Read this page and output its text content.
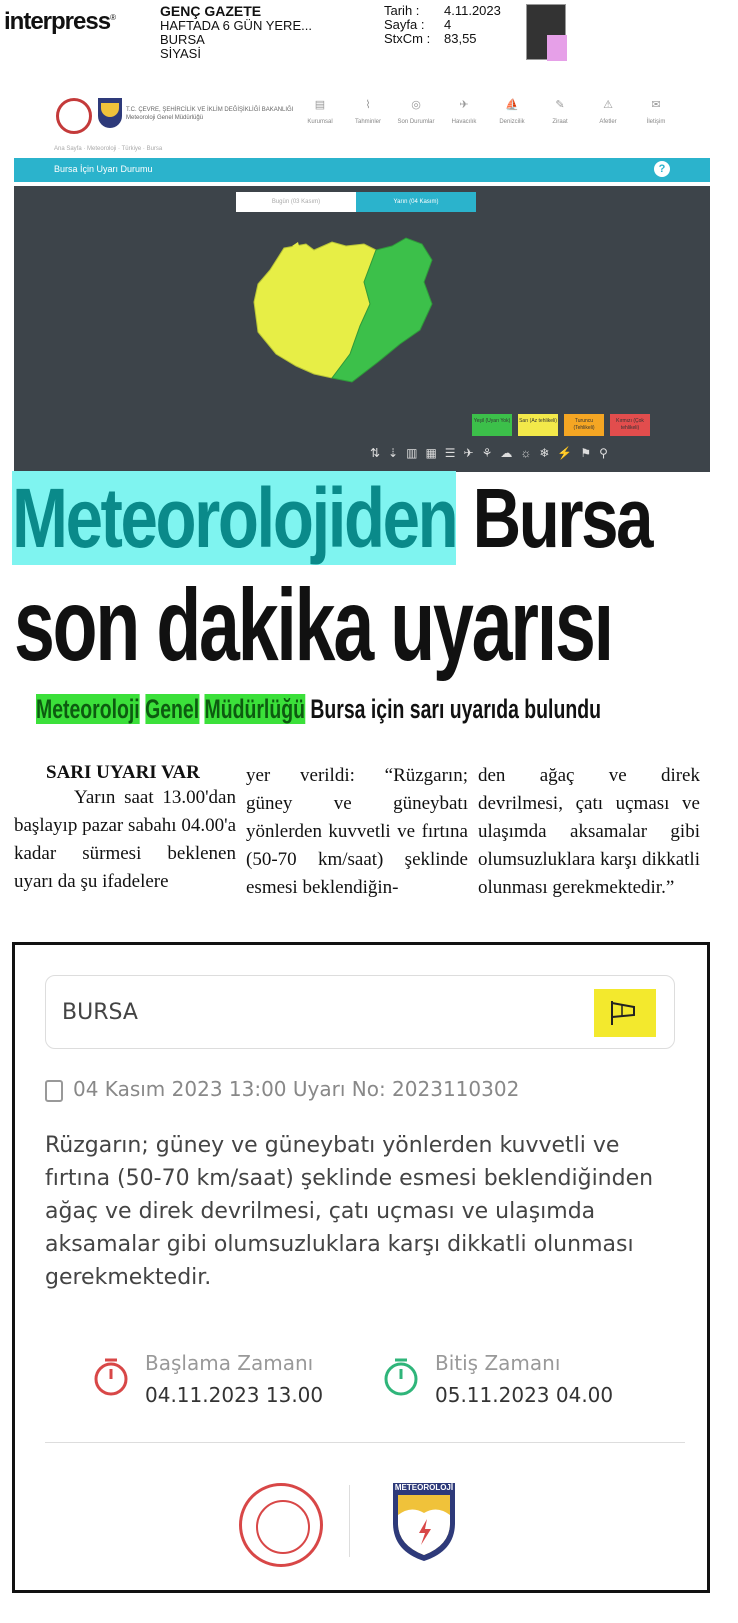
interpress®	GENÇ GAZETE
HAFTADA 6 GÜN YERE...
BURSA
SİYASİ
Tarih : 4.11.2023
Sayfa : 4
StxCm : 83,55
T.C. ÇEVRE, ŞEHİRCİLİK VE İKLİM DEĞİŞİKLİĞİ BAKANLIĞI
Meteoroloji Genel Müdürlüğü
▤
Kurumsal
⌇
Tahminler
◎
Son Durumlar
✈
Havacılık
⛵
Denizcilik
✎
Ziraat
⚠
Afetler
✉
İletişim
Ana Sayfa · Meteoroloji · Türkiye · Bursa
Bursa İçin Uyarı Durumu	?
Bugün (03 Kasım)	Yarın (04 Kasım)
Yeşil (Uyarı Yok)	Sarı (Az tehlikeli)	Turuncu (Tehlikeli)
Kırmızı (Çok tehlikeli)
⇅⇣▥▦☰✈⚘☁☼❄⚡⚑⚲
Meteorolojiden Bursa
son dakika uyarısı
Meteoroloji Genel Müdürlüğü Bursa için sarı uyarıda bulundu
SARI UYARI VAR
Yarın saat 13.00'dan başlayıp pazar sabahı 04.00'a kadar sürmesi beklenen uyarı da şu ifadelere
yer verildi: “Rüzgarın; güney ve güneybatı yönlerden kuvvetli ve fırtına (50-70 km/saat) şeklinde esmesi beklendiğin-
den ağaç ve direk devrilmesi, çatı uçması ve ulaşımda aksamalar gibi olumsuzluklara karşı dikkatli olunması gerekmektedir.”
BURSA
04 Kasım 2023 13:00 Uyarı No: 2023110302
Rüzgarın; güney ve güneybatı yönlerden kuvvetli ve fırtına (50-70 km/saat) şeklinde esmesi beklendiğinden ağaç ve direk devrilmesi, çatı uçması ve ulaşımda aksamalar gibi olumsuzluklara karşı dikkatli olunması gerekmektedir.
Başlama Zamanı
04.11.2023 13.00
Bitiş Zamanı
05.11.2023 04.00
METEOROLOJİ
